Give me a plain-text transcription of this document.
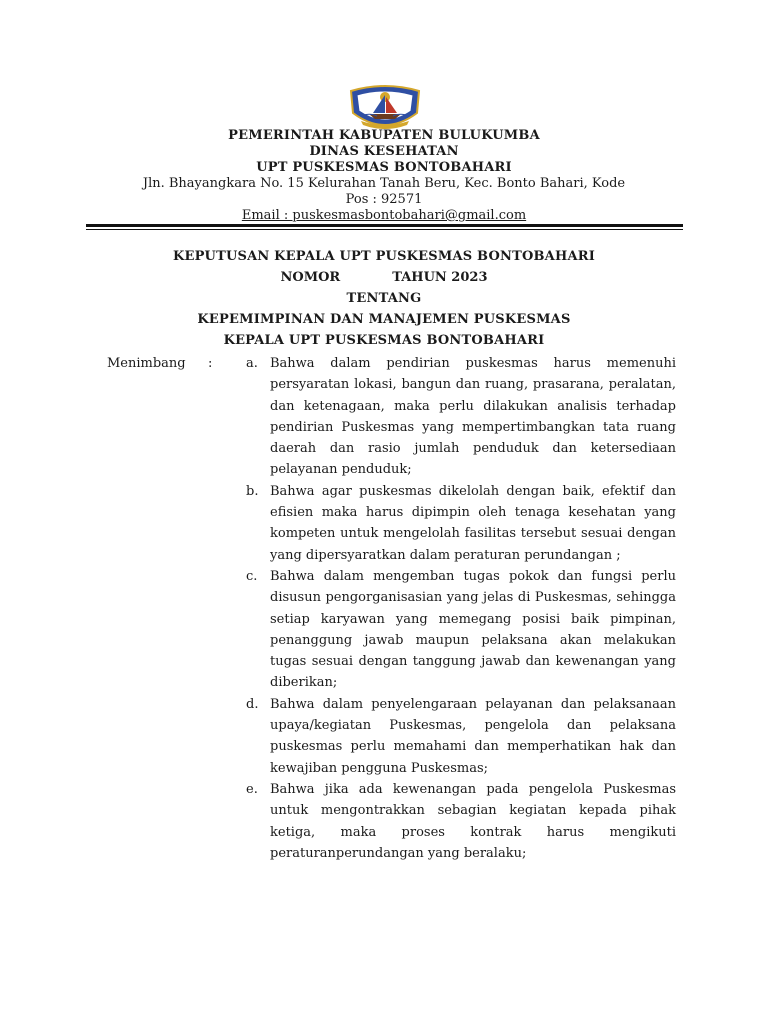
PEMERINTAH KABUPATEN BULUKUMBA
DINAS KESEHATAN
UPT PUSKESMAS BONTOBAHARI
Jln. Bhayangkara No. 15 Kelurahan Tanah Beru, Kec. Bonto Bahari, Kode
Pos : 92571
Email : puskesmasbontobahari@gmail.com
KEPUTUSAN KEPALA UPT PUSKESMAS BONTOBAHARI
NOMOR	TAHUN 2023
TENTANG
KEPEMIMPINAN DAN MANAJEMEN PUSKESMAS
KEPALA UPT PUSKESMAS BONTOBAHARI
Menimbang :	a. Bahwa dalam pendirian puskesmas harus memenuhi persyaratan lokasi, bangun dan ruang, prasarana, peralatan, dan ketenagaan, maka perlu dilakukan analisis terhadap pendirian Puskesmas yang mempertimbangkan tata ruang daerah dan rasio jumlah penduduk dan ketersediaan pelayanan penduduk;
b. Bahwa agar puskesmas dikelolah dengan baik, efektif dan efisien maka harus dipimpin oleh tenaga kesehatan yang kompeten untuk mengelolah fasilitas tersebut sesuai dengan yang dipersyaratkan dalam peraturan perundangan ;
c. Bahwa dalam mengemban tugas pokok dan fungsi perlu disusun pengorganisasian yang jelas di Puskesmas, sehingga setiap karyawan yang memegang posisi baik pimpinan, penanggung jawab maupun pelaksana akan melakukan tugas sesuai dengan tanggung jawab dan kewenangan yang diberikan;
d. Bahwa dalam penyelengaraan pelayanan dan pelaksanaan upaya/kegiatan Puskesmas, pengelola dan pelaksana puskesmas perlu memahami dan memperhatikan hak dan kewajiban pengguna Puskesmas;
e. Bahwa jika ada kewenangan pada pengelola Puskesmas untuk mengontrakkan sebagian kegiatan kepada pihak ketiga, maka proses kontrak harus mengikuti peraturanperundangan yang beralaku;
